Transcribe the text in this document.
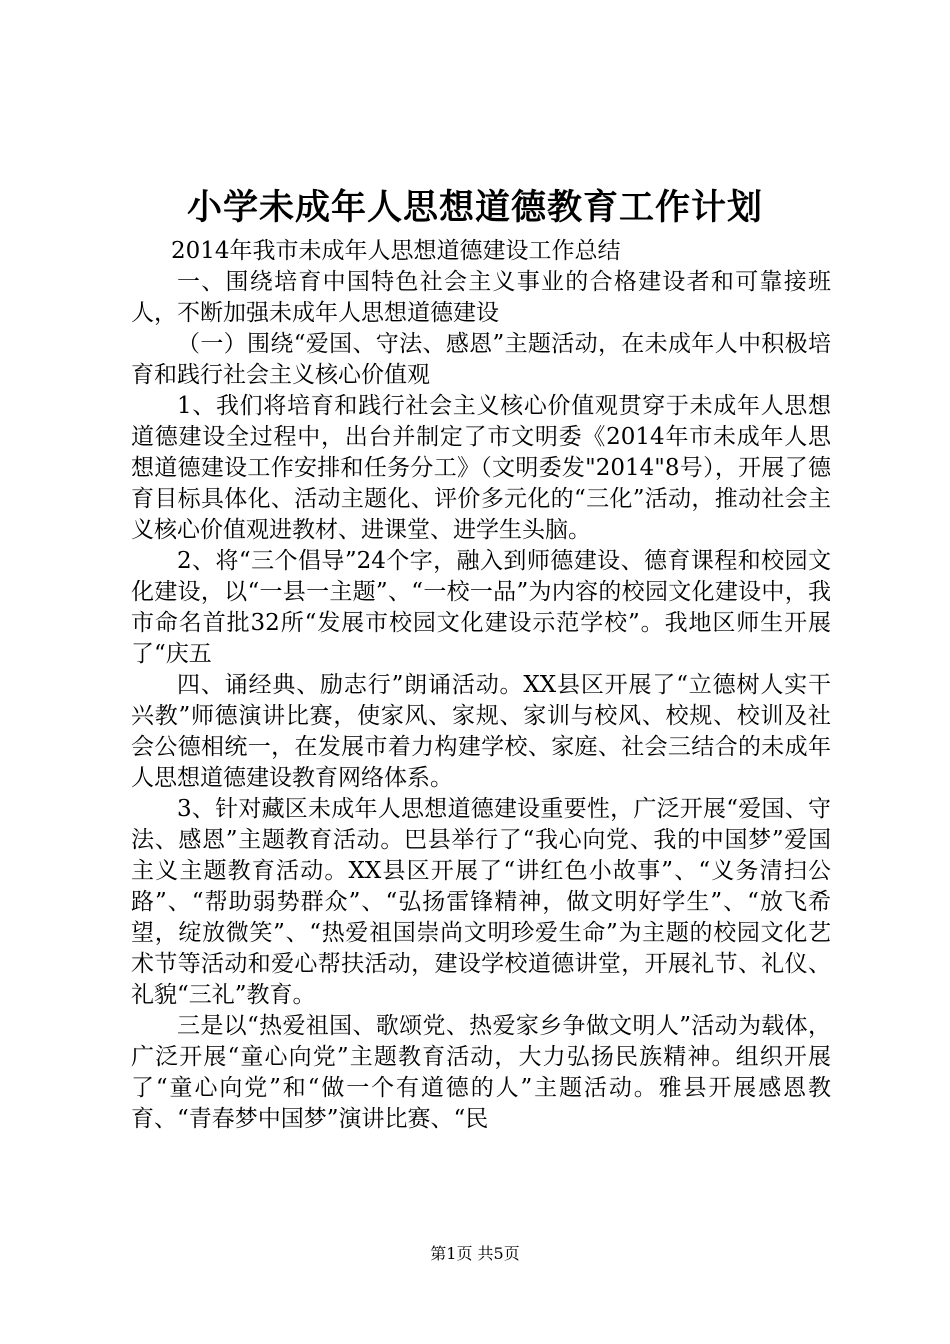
小学未成年人思想道德教育工作计划

2014年我市未成年人思想道德建设工作总结

一、围绕培育中国特色社会主义事业的合格建设者和可靠接班人，不断加强未成年人思想道德建设

（一）围绕“爱国、守法、感恩”主题活动，在未成年人中积极培育和践行社会主义核心价值观

1、我们将培育和践行社会主义核心价值观贯穿于未成年人思想道德建设全过程中，出台并制定了市文明委《2014年市未成年人思想道德建设工作安排和任务分工》（文明委发"2014"8号），开展了德育目标具体化、活动主题化、评价多元化的“三化”活动，推动社会主义核心价值观进教材、进课堂、进学生头脑。

2、将“三个倡导”24个字，融入到师德建设、德育课程和校园文化建设，以“一县一主题”、“一校一品”为内容的校园文化建设中，我市命名首批32所“发展市校园文化建设示范学校”。我地区师生开展了“庆五

四、诵经典、励志行”朗诵活动。XX县区开展了“立德树人实干兴教”师德演讲比赛，使家风、家规、家训与校风、校规、校训及社会公德相统一，在发展市着力构建学校、家庭、社会三结合的未成年人思想道德建设教育网络体系。

3、针对藏区未成年人思想道德建设重要性，广泛开展“爱国、守法、感恩”主题教育活动。巴县举行了“我心向党、我的中国梦”爱国主义主题教育活动。XX县区开展了“讲红色小故事”、“义务清扫公路”、“帮助弱势群众”、“弘扬雷锋精神，做文明好学生”、“放飞希望，绽放微笑”、“热爱祖国崇尚文明珍爱生命”为主题的校园文化艺术节等活动和爱心帮扶活动，建设学校道德讲堂，开展礼节、礼仪、礼貌“三礼”教育。

三是以“热爱祖国、歌颂党、热爱家乡争做文明人”活动为载体，广泛开展“童心向党”主题教育活动，大力弘扬民族精神。组织开展了“童心向党”和“做一个有道德的人”主题活动。雅县开展感恩教育、“青春梦中国梦”演讲比赛、“民

第1页 共5页
